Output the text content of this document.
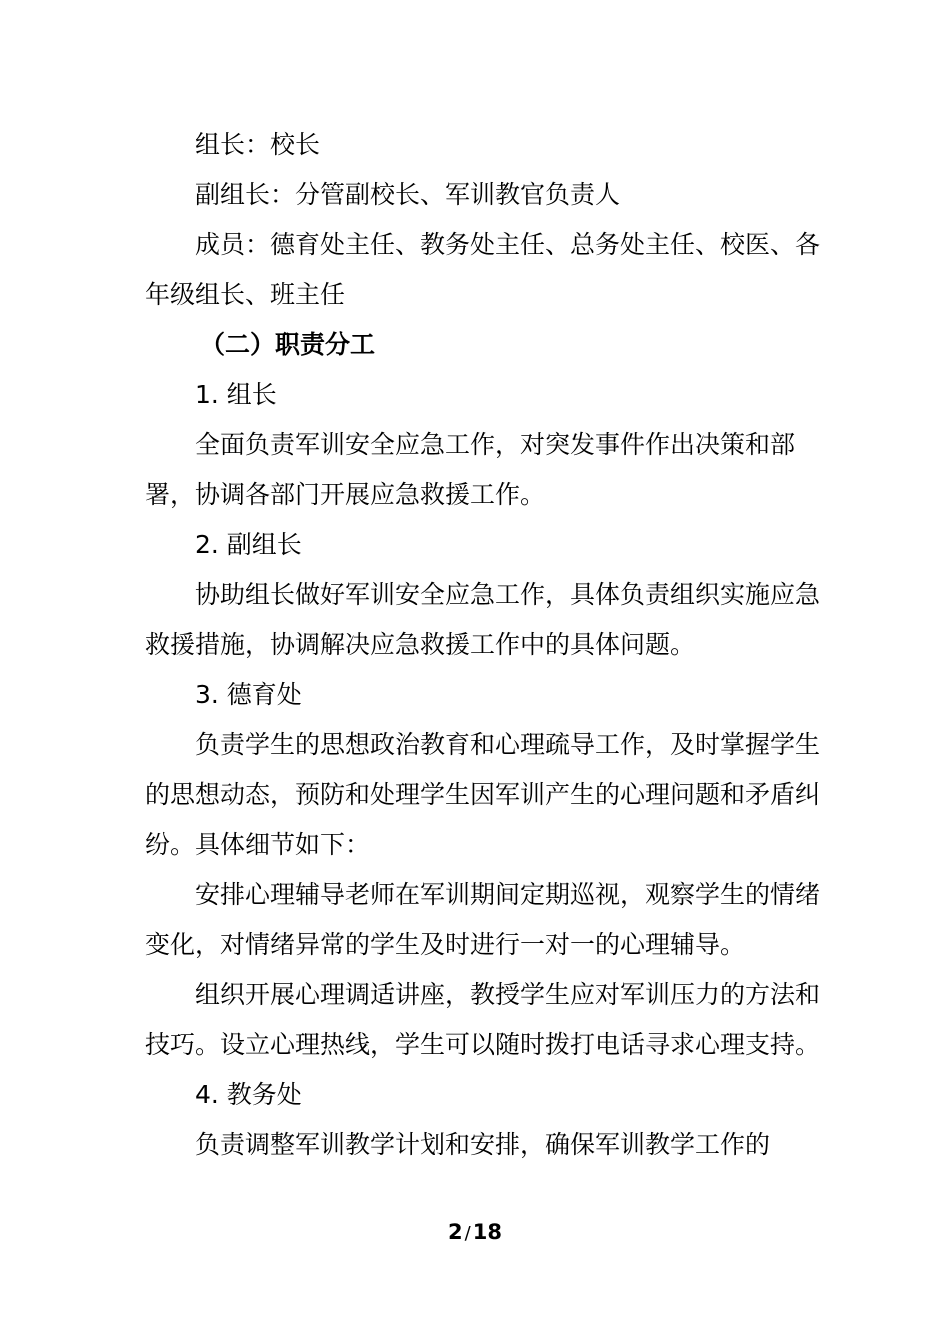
组长：校长

副组长：分管副校长、军训教官负责人

成员：德育处主任、教务处主任、总务处主任、校医、各年级组长、班主任

（二）职责分工

1. 组长

全面负责军训安全应急工作，对突发事件作出决策和部署，协调各部门开展应急救援工作。

2. 副组长

协助组长做好军训安全应急工作，具体负责组织实施应急救援措施，协调解决应急救援工作中的具体问题。

3. 德育处

负责学生的思想政治教育和心理疏导工作，及时掌握学生的思想动态，预防和处理学生因军训产生的心理问题和矛盾纠纷。具体细节如下：

安排心理辅导老师在军训期间定期巡视，观察学生的情绪变化，对情绪异常的学生及时进行一对一的心理辅导。

组织开展心理调适讲座，教授学生应对军训压力的方法和技巧。设立心理热线，学生可以随时拨打电话寻求心理支持。

4. 教务处

负责调整军训教学计划和安排，确保军训教学工作的

2 /18
